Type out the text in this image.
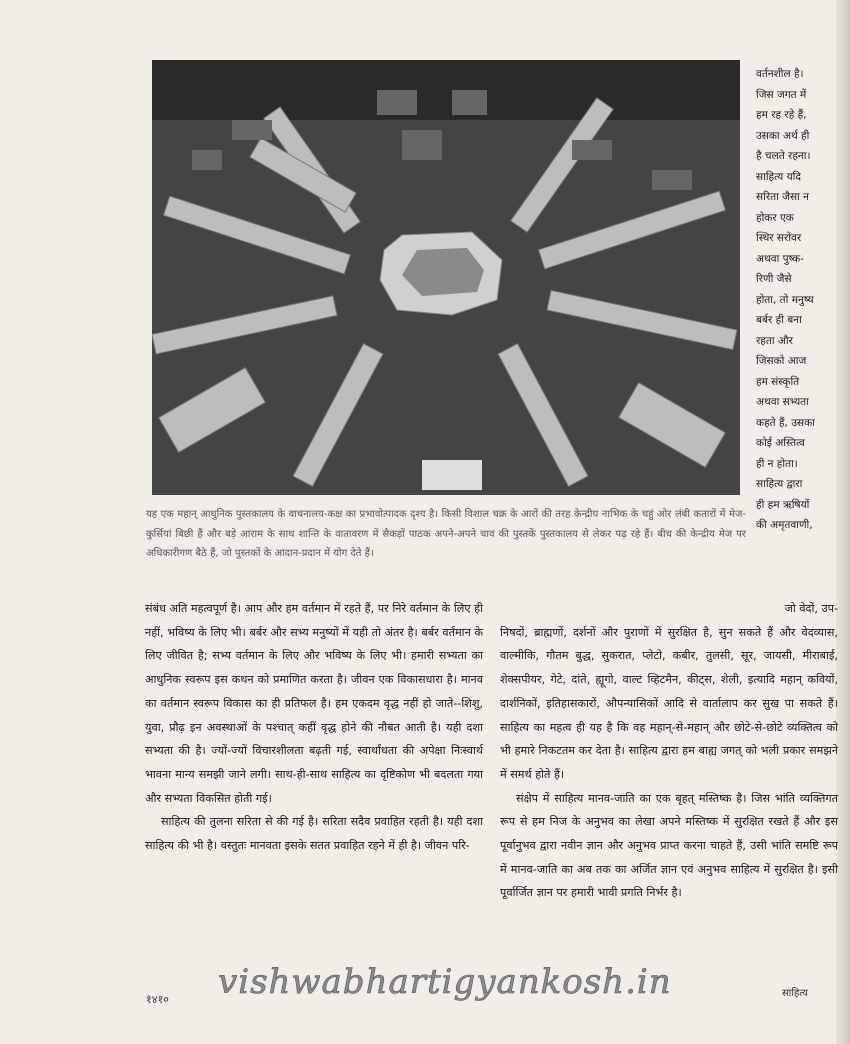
वर्तनशील है।
जिस जगत में
हम रह रहे हैं,
उसका अर्थ ही
है चलते रहना।
साहित्य यदि
सरिता जैसा न
होकर एक
स्थिर सरोवर
अथवा पुष्क-
रिणी जैसे
होता, तो मनुष्य
बर्बर ही बना
रहता और
जिसको आज
हम संस्कृति
अथवा सभ्यता
कहते हैं, उसका
कोई अस्तित्व
ही न होता।
साहित्य द्वारा
ही हम ऋषियों
की अमृतवाणी,
यह एक महान् आधुनिक पुस्तकालय के वाचनालय-कक्ष का प्रभावोत्पादक दृश्य है। किसी विशाल चक्र के आरों की तरह केन्द्रीय नाभिक के चहुं ओर लंबी कतारों में मेज-कुर्सियां बिछी हैं और बड़े आराम के साथ शान्ति के वातावरण में सैकड़ों पाठक अपने-अपने चाव की पुस्तकें पुस्तकालय से लेकर पढ़ रहे हैं। बीच की केन्द्रीय मेज पर अधिकारीगण बैठे हैं, जो पुस्तकों के आदान-प्रदान में योग देते हैं।

संबंध अति महत्वपूर्ण है। आप और हम वर्तमान में रहते हैं, पर निरे वर्तमान के लिए ही नहीं, भविष्य के लिए भी। बर्बर और सभ्य मनुष्यों में यही तो अंतर है। बर्बर वर्तमान के लिए जीवित है; सभ्य वर्तमान के लिए और भविष्य के लिए भी। हमारी सभ्यता का आधुनिक स्वरूप इस कथन को प्रमाणित करता है। जीवन एक विकासधारा है। मानव का वर्तमान स्वरूप विकास का ही प्रतिफल है। हम एकदम वृद्ध नहीं हो जाते--शिशु, युवा, प्रौढ़ इन अवस्थाओं के पश्चात् कहीं वृद्ध होने की नौबत आती है। यही दशा सभ्यता की है। ज्यों-ज्यों विचारशीलता बढ़ती गई, स्वार्थांधता की अपेक्षा निःस्वार्थ भावना मान्य समझी जाने लगी। साथ-ही-साथ साहित्य का दृष्टिकोण भी बदलता गया और सभ्यता विकसित होती गई।

साहित्य की तुलना सरिता से की गई है। सरिता सदैव प्रवाहित रहती है। यही दशा साहित्य की भी है। वस्तुतः मानवता इसके सतत प्रवाहित रहने में ही है। जीवन परि-

जो वेदों, उप-

निषदों, ब्राह्मणों, दर्शनों और पुराणों में सुरक्षित है, सुन सकते हैं और वेदव्यास, वाल्मीकि, गौतम बुद्ध, सुकरात, प्लेटो, कबीर, तुलसी, सूर, जायसी, मीराबाई, शेक्सपीयर, गेटे, दांते, ह्यूगो, वाल्ट व्हिटमैन, कीट्स, शेली, इत्यादि महान् कवियों, दार्शनिकों, इतिहासकारों, औपन्यासिकों आदि से वार्तालाप कर सुख पा सकते हैं। साहित्य का महत्व ही यह है कि वह महान्-से-महान् और छोटे-से-छोटे व्यक्तित्व को भी हमारे निकटतम कर देता है। साहित्य द्वारा हम बाह्य जगत् को भली प्रकार समझने में समर्थ होते हैं।

संक्षेप में साहित्य मानव-जाति का एक बृहत् मस्तिष्क है। जिस भांति व्यक्तिगत रूप से हम निज के अनुभव का लेखा अपने मस्तिष्क में सुरक्षित रखते हैं और इस पूर्वानुभव द्वारा नवीन ज्ञान और अनुभव प्राप्त करना चाहते हैं, उसी भांति समष्टि रूप में मानव-जाति का अब तक का अर्जित ज्ञान एवं अनुभव साहित्य में सुरक्षित है। इसी पूर्वार्जित ज्ञान पर हमारी भावी प्रगति निर्भर है।

vishwabhartigyankosh.in
१४१०	साहित्य
